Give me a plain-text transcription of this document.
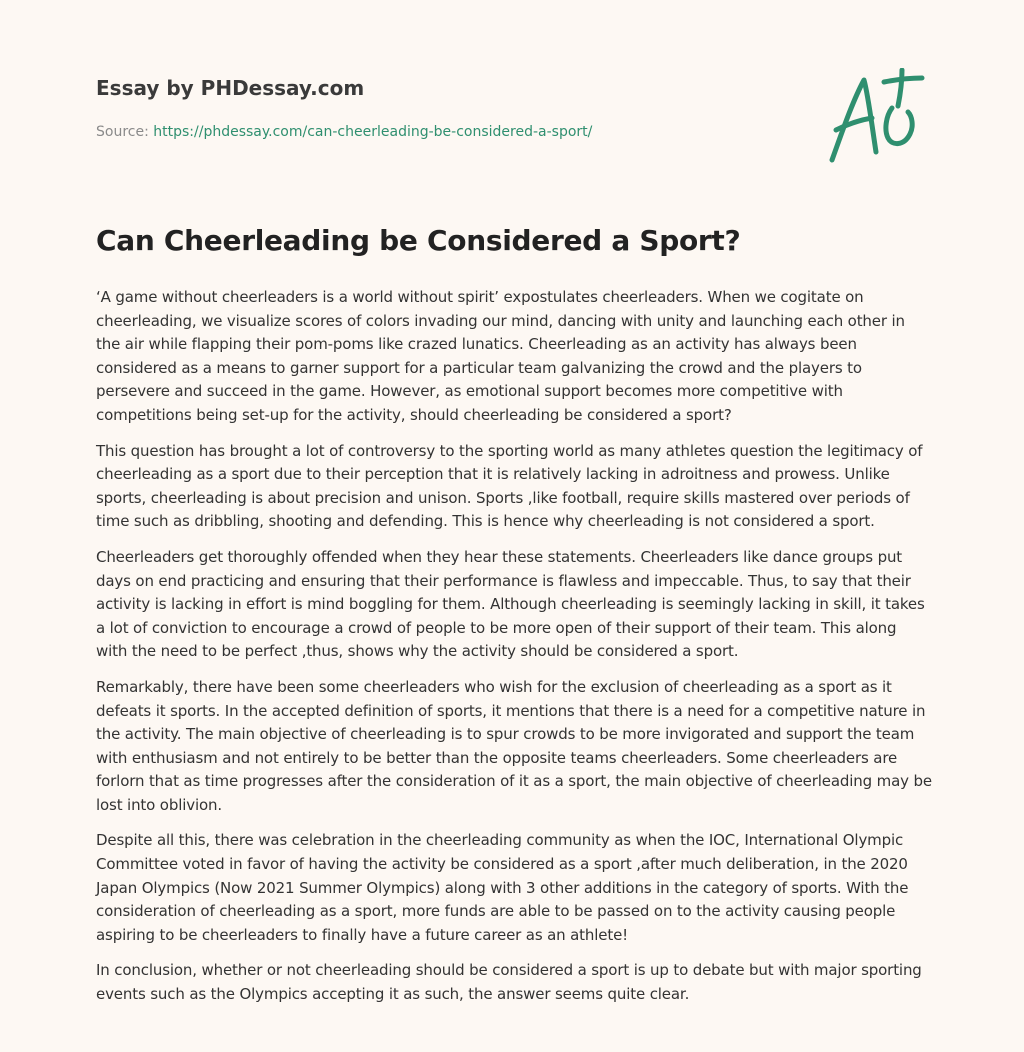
Essay by PHDessay.com
Source: https://phdessay.com/can-cheerleading-be-considered-a-sport/
Can Cheerleading be Considered a Sport?

‘A game without cheerleaders is a world without spirit’ expostulates cheerleaders. When we cogitate on cheerleading, we visualize scores of colors invading our mind, dancing with unity and launching each other in the air while flapping their pom-poms like crazed lunatics. Cheerleading as an activity has always been considered as a means to garner support for a particular team galvanizing the crowd and the players to persevere and succeed in the game. However, as emotional support becomes more competitive with competitions being set-up for the activity, should cheerleading be considered a sport?

This question has brought a lot of controversy to the sporting world as many athletes question the legitimacy of cheerleading as a sport due to their perception that it is relatively lacking in adroitness and prowess. Unlike sports, cheerleading is about precision and unison. Sports ,like football, require skills mastered over periods of time such as dribbling, shooting and defending. This is hence why cheerleading is not considered a sport.

Cheerleaders get thoroughly offended when they hear these statements. Cheerleaders like dance groups put days on end practicing and ensuring that their performance is flawless and impeccable. Thus, to say that their activity is lacking in effort is mind boggling for them. Although cheerleading is seemingly lacking in skill, it takes a lot of conviction to encourage a crowd of people to be more open of their support of their team. This along with the need to be perfect ,thus, shows why the activity should be considered a sport.

Remarkably, there have been some cheerleaders who wish for the exclusion of cheerleading as a sport as it defeats it sports. In the accepted definition of sports, it mentions that there is a need for a competitive nature in the activity. The main objective of cheerleading is to spur crowds to be more invigorated and support the team with enthusiasm and not entirely to be better than the opposite teams cheerleaders. Some cheerleaders are forlorn that as time progresses after the consideration of it as a sport, the main objective of cheerleading may be lost into oblivion.

Despite all this, there was celebration in the cheerleading community as when the IOC, International Olympic Committee voted in favor of having the activity be considered as a sport ,after much deliberation, in the 2020 Japan Olympics (Now 2021 Summer Olympics) along with 3 other additions in the category of sports. With the consideration of cheerleading as a sport, more funds are able to be passed on to the activity causing people aspiring to be cheerleaders to finally have a future career as an athlete!

In conclusion, whether or not cheerleading should be considered a sport is up to debate but with major sporting events such as the Olympics accepting it as such, the answer seems quite clear.
